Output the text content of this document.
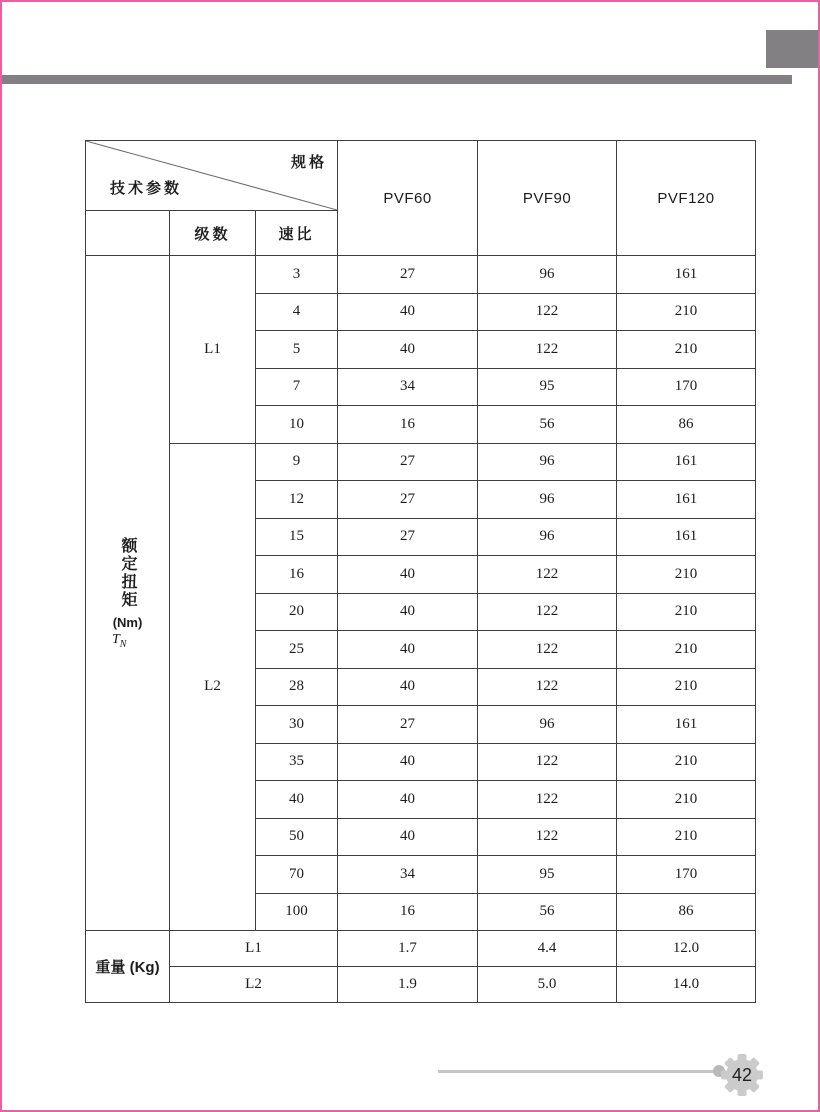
规格
技术参数			PVF60	PVF90	PVF120
	级数	速比			

额定扭矩
(Nm)
$T_N$	L1	3	27	96	161
		4	40	122	210
		5	40	122	210
		7	34	95	170
		10	16	56	86
	L2	9	27	96	161
		12	27	96	161
		15	27	96	161
		16	40	122	210
		20	40	122	210
		25	40	122	210
		28	40	122	210
		30	27	96	161
		35	40	122	210
		40	40	122	210
		50	40	122	210
		70	34	95	170
		100	16	56	86
重量 (Kg)	L1		1.7	4.4	12.0
	L2		1.9	5.0	14.0
42
